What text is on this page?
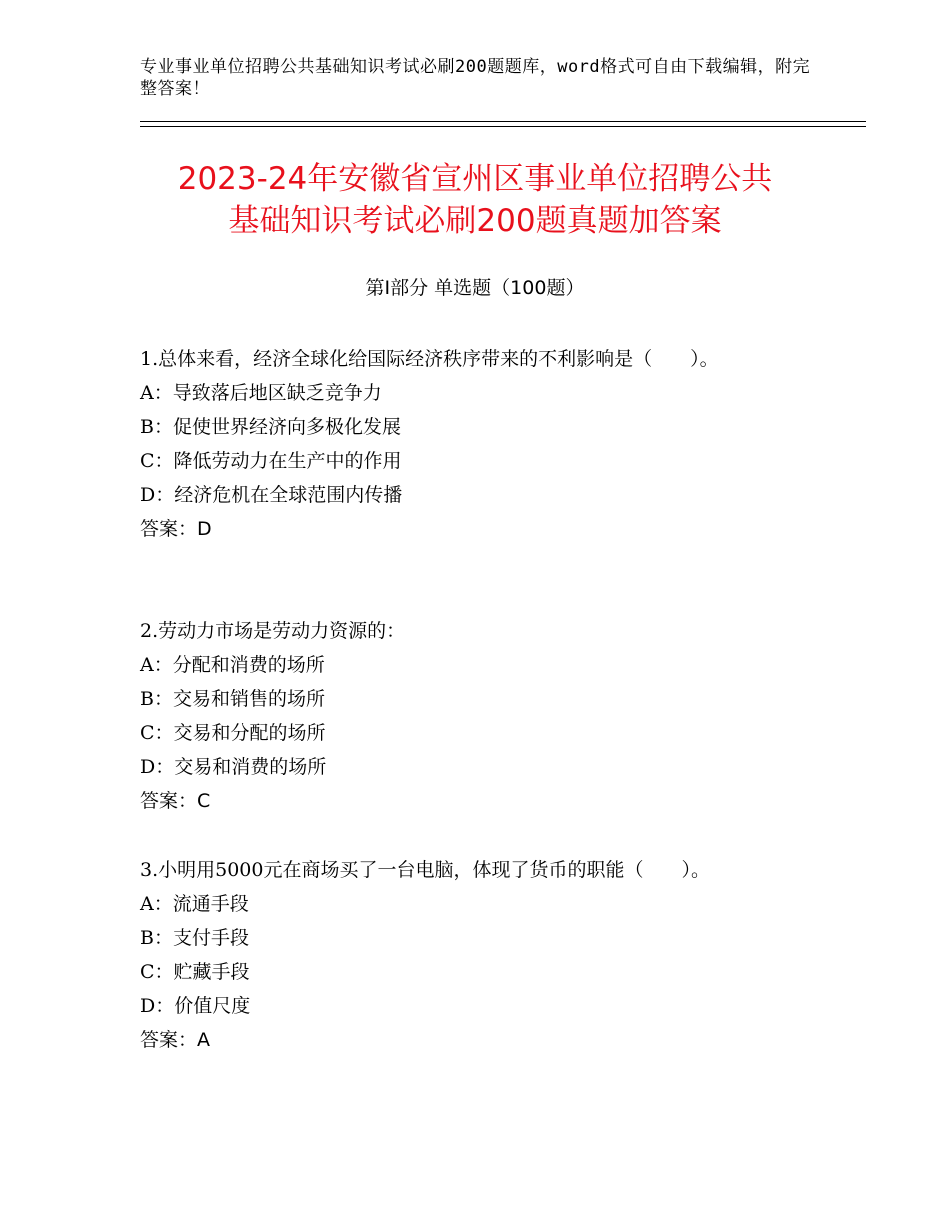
专业事业单位招聘公共基础知识考试必刷200题题库，word格式可自由下载编辑，附完整答案！
2023-24年安徽省宣州区事业单位招聘公共
基础知识考试必刷200题真题加答案
第Ⅰ部分 单选题（100题）

1.总体来看，经济全球化给国际经济秩序带来的不利影响是（　　）。

A：导致落后地区缺乏竞争力

B：促使世界经济向多极化发展

C：降低劳动力在生产中的作用

D：经济危机在全球范围内传播

答案：D

2.劳动力市场是劳动力资源的：

A：分配和消费的场所

B：交易和销售的场所

C：交易和分配的场所

D：交易和消费的场所

答案：C

3.小明用5000元在商场买了一台电脑，体现了货币的职能（　　）。

A：流通手段

B：支付手段

C：贮藏手段

D：价值尺度

答案：A
